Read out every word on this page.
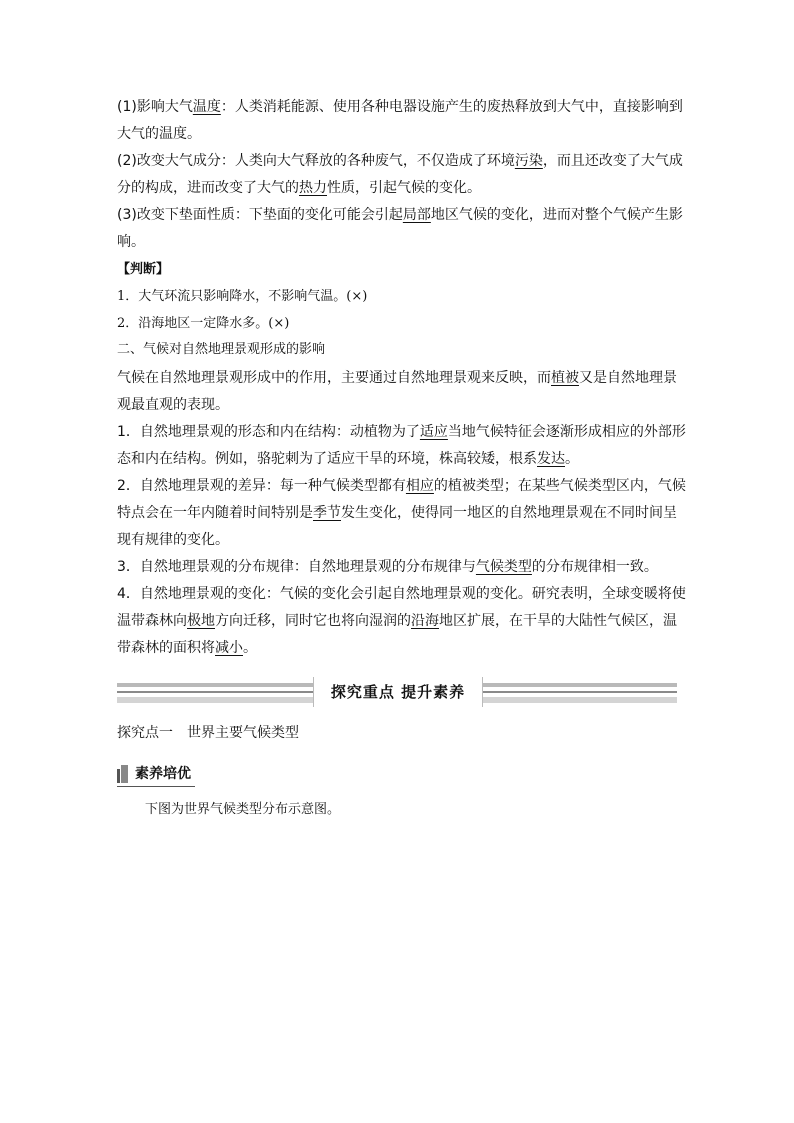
(1)影响大气温度：人类消耗能源、使用各种电器设施产生的废热释放到大气中，直接影响到
大气的温度。
(2)改变大气成分：人类向大气释放的各种废气，不仅造成了环境污染，而且还改变了大气成
分的构成，进而改变了大气的热力性质，引起气候的变化。
(3)改变下垫面性质：下垫面的变化可能会引起局部地区气候的变化，进而对整个气候产生影
响。
【判断】
1．大气环流只影响降水，不影响气温。(×)
2．沿海地区一定降水多。(×)
二、气候对自然地理景观形成的影响
气候在自然地理景观形成中的作用，主要通过自然地理景观来反映，而植被又是自然地理景
观最直观的表现。
1．自然地理景观的形态和内在结构：动植物为了适应当地气候特征会逐渐形成相应的外部形
态和内在结构。例如，骆驼刺为了适应干旱的环境，株高较矮，根系发达。
2．自然地理景观的差异：每一种气候类型都有相应的植被类型；在某些气候类型区内，气候
特点会在一年内随着时间特别是季节发生变化，使得同一地区的自然地理景观在不同时间呈
现有规律的变化。
3．自然地理景观的分布规律：自然地理景观的分布规律与气候类型的分布规律相一致。
4．自然地理景观的变化：气候的变化会引起自然地理景观的变化。研究表明，全球变暖将使
温带森林向极地方向迁移，同时它也将向湿润的沿海地区扩展，在干旱的大陆性气候区，温
带森林的面积将减小。
探究重点 提升素养
探究点一　世界主要气候类型
素养培优
下图为世界气候类型分布示意图。
